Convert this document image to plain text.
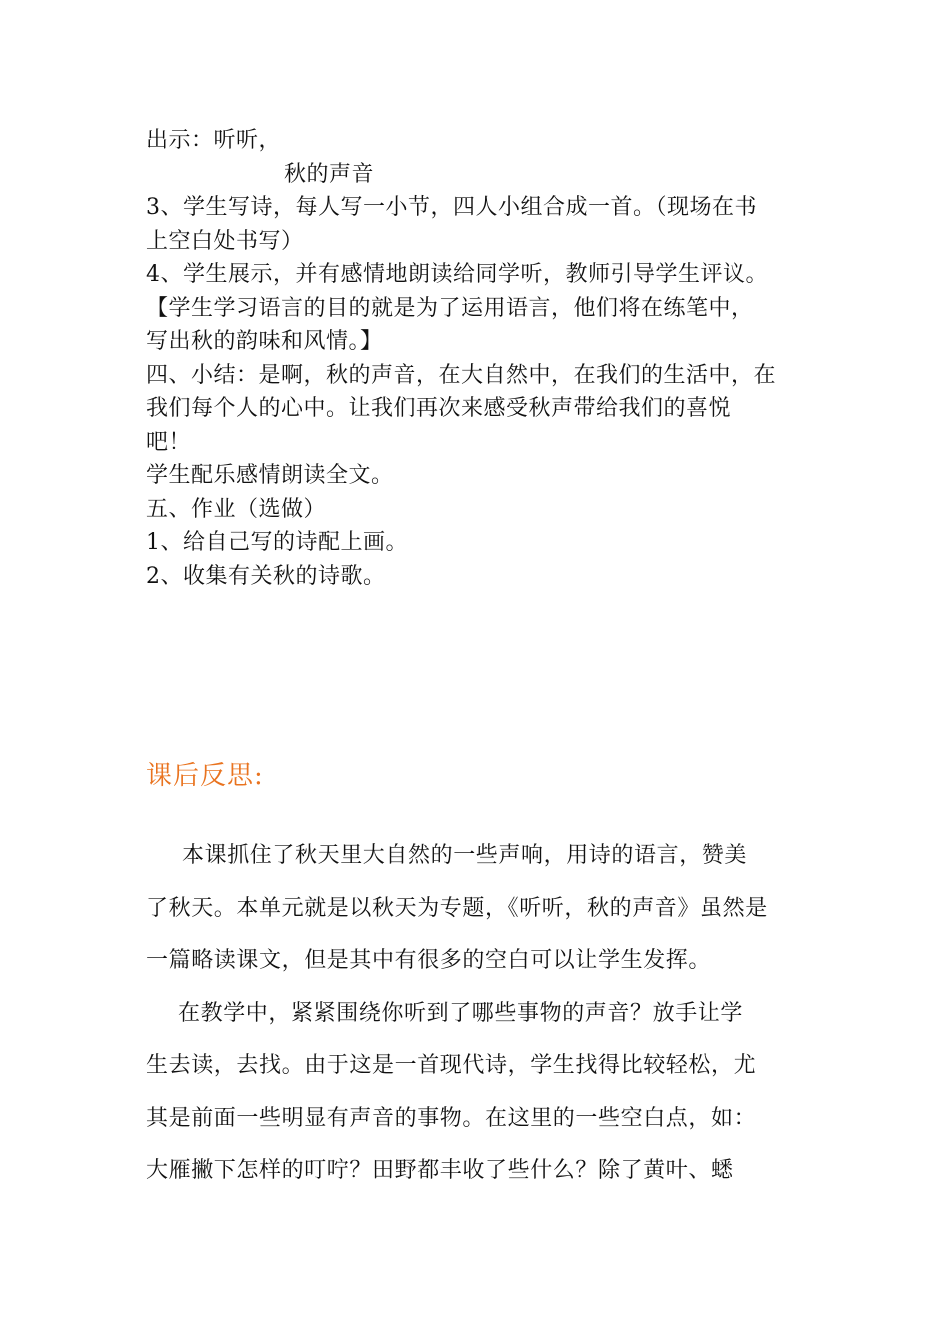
出示：听听，
秋的声音
3、学生写诗，每人写一小节，四人小组合成一首。（现场在书
上空白处书写）
4、学生展示，并有感情地朗读给同学听，教师引导学生评议。
【学生学习语言的目的就是为了运用语言，他们将在练笔中，
写出秋的韵味和风情。】
四、小结：是啊，秋的声音，在大自然中，在我们的生活中，在
我们每个人的心中。让我们再次来感受秋声带给我们的喜悦
吧！
学生配乐感情朗读全文。
五、作业（选做）
1、给自己写的诗配上画。
2、收集有关秋的诗歌。
课后反思:
本课抓住了秋天里大自然的一些声响，用诗的语言，赞美
了秋天。本单元就是以秋天为专题，《听听，秋的声音》虽然是
一篇略读课文，但是其中有很多的空白可以让学生发挥。
在教学中，紧紧围绕你听到了哪些事物的声音？放手让学
生去读，去找。由于这是一首现代诗，学生找得比较轻松，尤
其是前面一些明显有声音的事物。在这里的一些空白点，如：
大雁撇下怎样的叮咛？田野都丰收了些什么？除了黄叶、蟋
